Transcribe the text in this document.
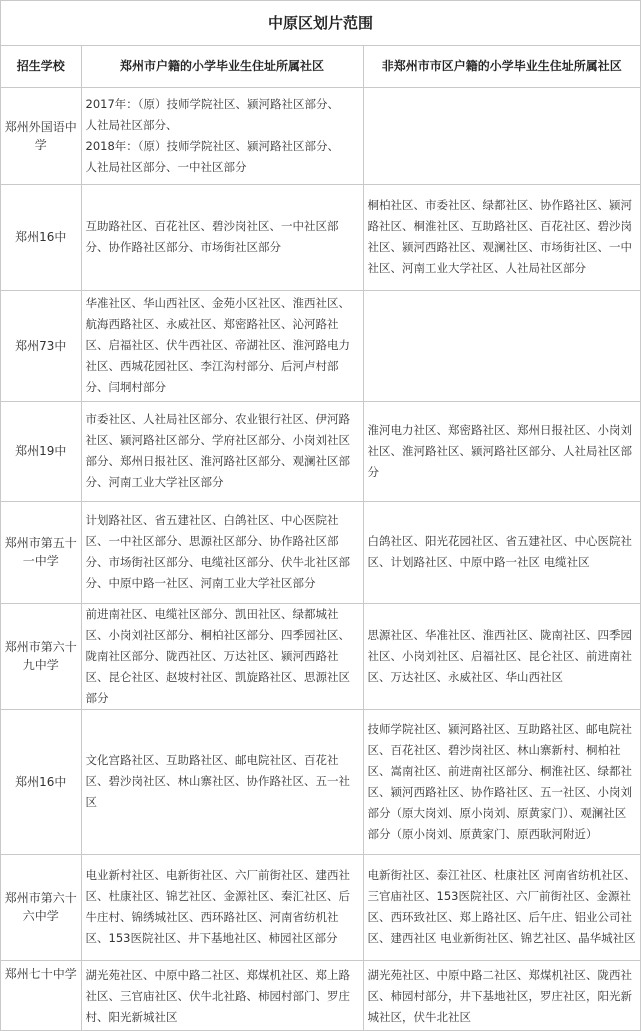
中原区划片范围
招生学校	郑州市户籍的小学毕业生住址所属社区	非郑州市市区户籍的小学毕业生住址所属社区
郑州外国语中学	2017年：（原）技师学院社区、颍河路社区部分、
人社局社区部分、
2018年：（原）技师学院社区、颍河路社区部分、
人社局社区部分、一中社区部分	

郑州16中	互助路社区、百花社区、碧沙岗社区、一中社区部分、协作路社区部分、市场街社区部分	桐柏社区、市委社区、绿都社区、协作路社区、颍河路社区、桐淮社区、互助路社区、百花社区、碧沙岗社区、颍河西路社区、观澜社区、市场街社区、一中社区、河南工业大学社区、人社局社区部分
郑州73中	华准社区、华山西社区、金苑小区社区、淮西社区、航海西路社区、永威社区、郑密路社区、沁河路社区、启福社区、伏牛西社区、帝湖社区、淮河路电力社区、西城花园社区、李江沟村部分、后河卢村部分、闫垌村部分	
郑州19中	市委社区、人社局社区部分、农业银行社区、伊河路社区、颍河路社区部分、学府社区部分、小岗刘社区部分、郑州日报社区、淮河路社区部分、观澜社区部分、河南工业大学社区部分	淮河电力社区、郑密路社区、郑州日报社区、小岗刘社区、淮河路社区、颍河路社区部分、人社局社区部分
郑州市第五十一中学	计划路社区、省五建社区、白鸽社区、中心医院社区、一中社区部分、思源社区部分、协作路社区部分、市场街社区部分、电缆社区部分、伏牛北社区部分、中原中路一社区、河南工业大学社区部分	白鸽社区、阳光花园社区、省五建社区、中心医院社区、计划路社区、中原中路一社区 电缆社区
郑州市第六十九中学	前进南社区、电缆社区部分、凯田社区、绿都城社区、小岗刘社区部分、桐柏社区部分、四季园社区、陇南社区部分、陇西社区、万达社区、颍河西路社区、昆仑社区、赵坡村社区、凯旋路社区、思源社区部分	思源社区、华准社区、淮西社区、陇南社区、四季园社区、小岗刘社区、启福社区、昆仑社区、前进南社区、万达社区、永威社区、华山西社区
郑州16中	文化宫路社区、互助路社区、邮电院社区、百花社区、碧沙岗社区、林山寨社区、协作路社区、五一社区	技师学院社区、颍河路社区、互助路社区、邮电院社区、百花社区、碧沙岗社区、林山寨新村、桐柏社区、嵩南社区、前进南社区部分、桐淮社区、绿都社区、颍河西路社区、协作路社区、五一社区、小岗刘部分（原大岗刘、原小岗刘、原黄家门）、观澜社区部分（原小岗刘、原黄家门、原西耿河附近）
郑州市第六十六中学	电业新村社区、电新街社区、六厂前街社区、建西社区、杜康社区、锦艺社区、金源社区、秦汇社区、后牛庄村、锦绣城社区、西环路社区、河南省纺机社区、153医院社区、井下基地社区、柿园社区部分	电新街社区、泰江社区、杜康社区 河南省纺机社区、三官庙社区、153医院社区、六厂前街社区、金源社区、西环致社区、郑上路社区、后午庄、铝业公司社区、建西社区 电业新街社区、锦艺社区、晶华城社区
郑州七十中学	湖光苑社区、中原中路二社区、郑煤机社区、郑上路社区、三官庙社区、伏牛北社路、柿园村部门、罗庄村、阳光新城社区	湖光苑社区、中原中路二社区、郑煤机社区、陇西社区、柿园村部分，井下基地社区，罗庄社区，阳光新城社区，伏牛北社区
